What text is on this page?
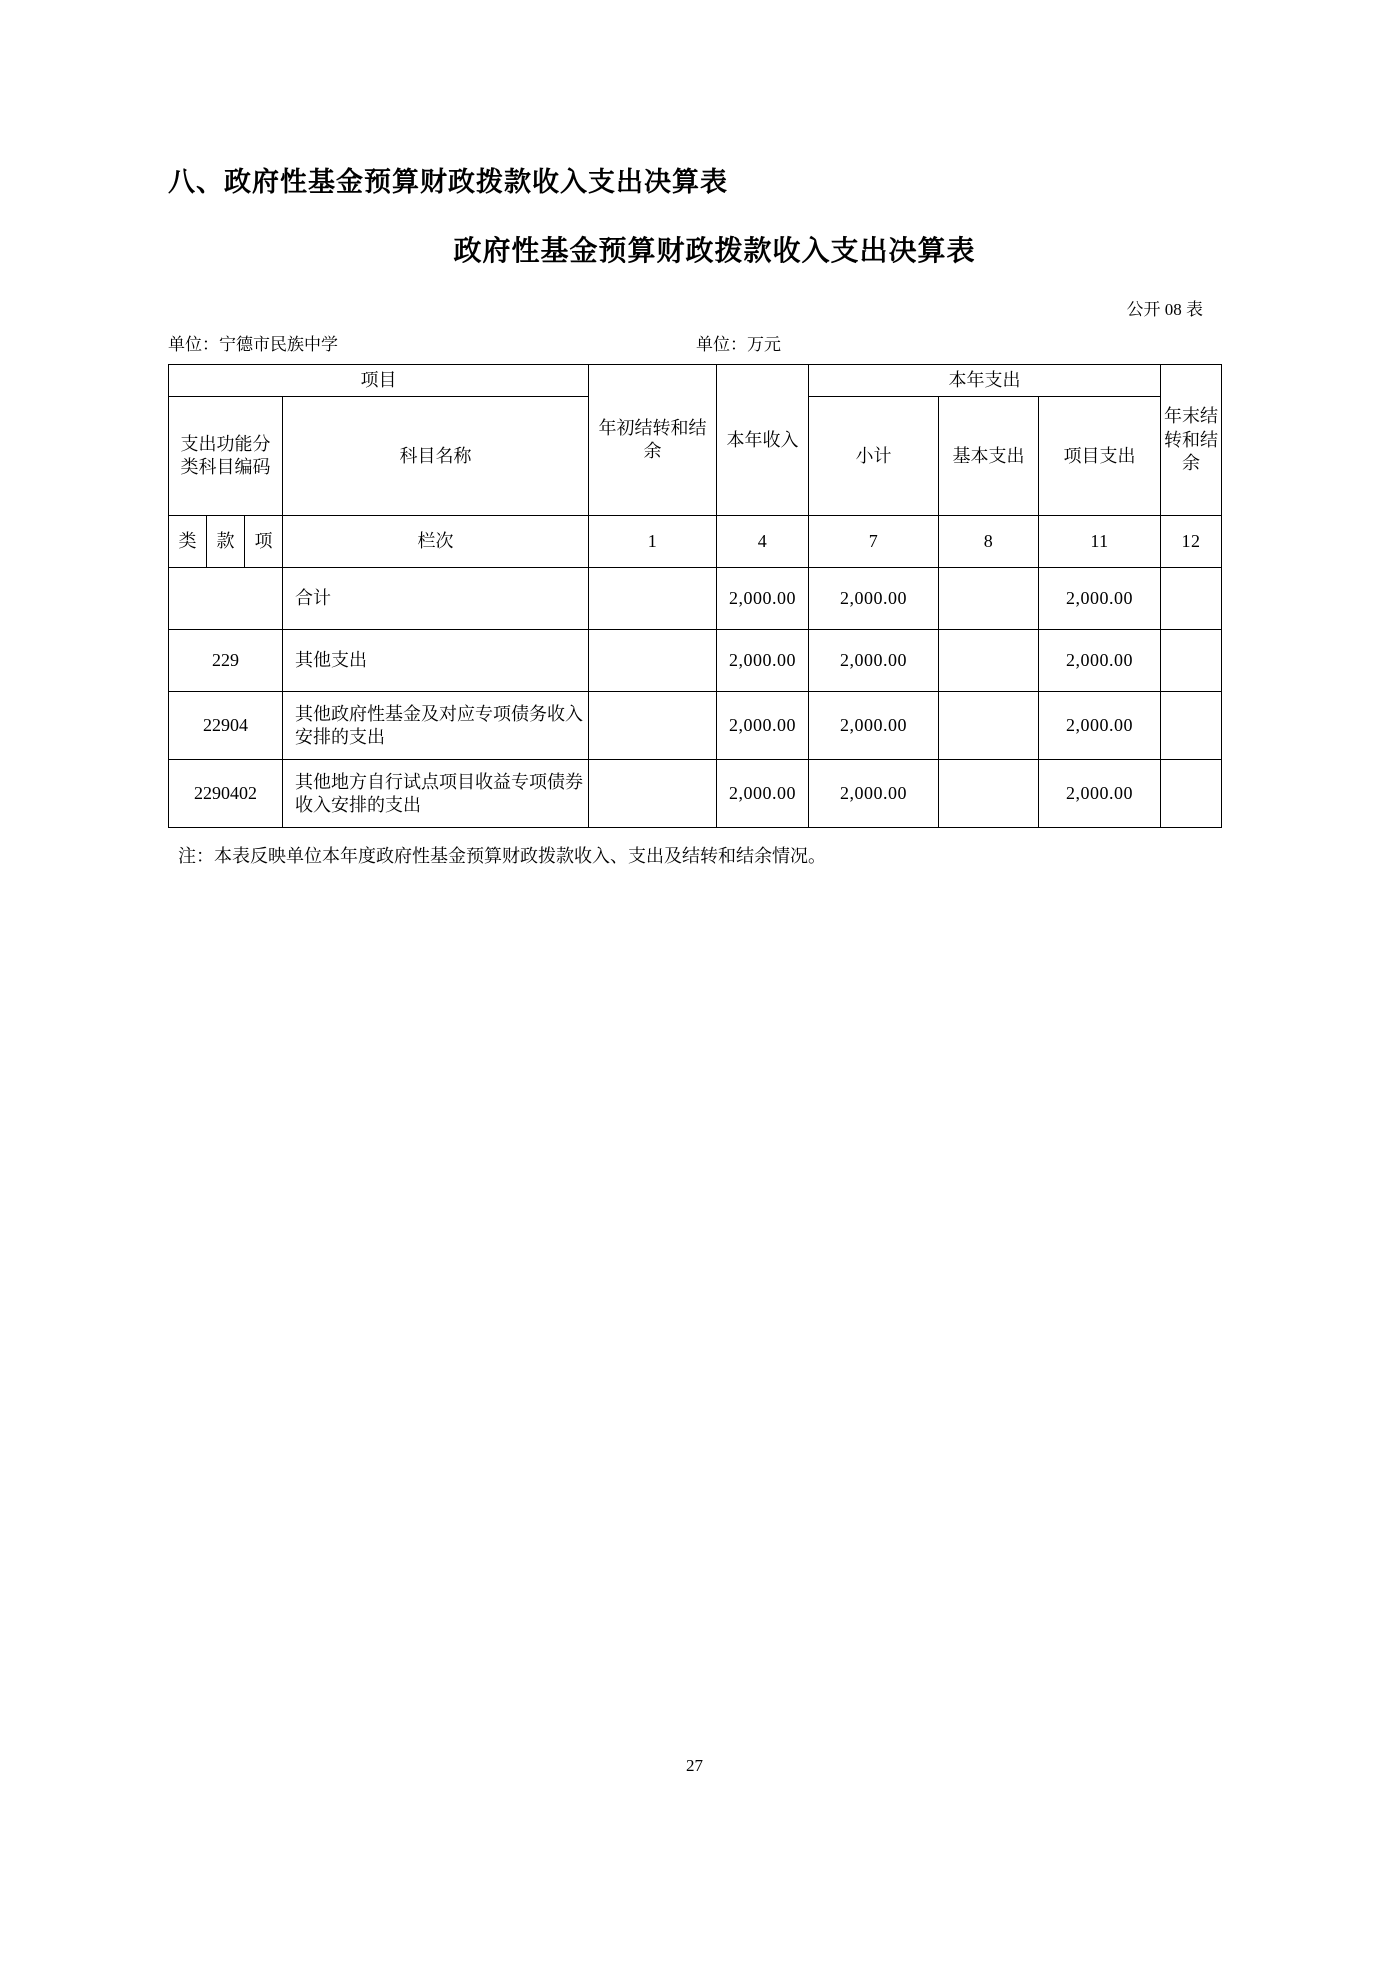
八、政府性基金预算财政拨款收入支出决算表
政府性基金预算财政拨款收入支出决算表
公开 08 表
单位：宁德市民族中学	单位：万元
项目				年初结转和结余	本年收入	本年支出			年末结转和结余
支出功能分类科目编码			科目名称			小计	基本支出	项目支出	
类	款	项	栏次	1	4	7	8	11	12
			合计		2,000.00	2,000.00		2,000.00	
229			其他支出		2,000.00	2,000.00		2,000.00	
22904			其他政府性基金及对应专项债务收入安排的支出		2,000.00	2,000.00		2,000.00	
2290402			其他地方自行试点项目收益专项债券收入安排的支出		2,000.00	2,000.00		2,000.00	
注：本表反映单位本年度政府性基金预算财政拨款收入、支出及结转和结余情况。
27
